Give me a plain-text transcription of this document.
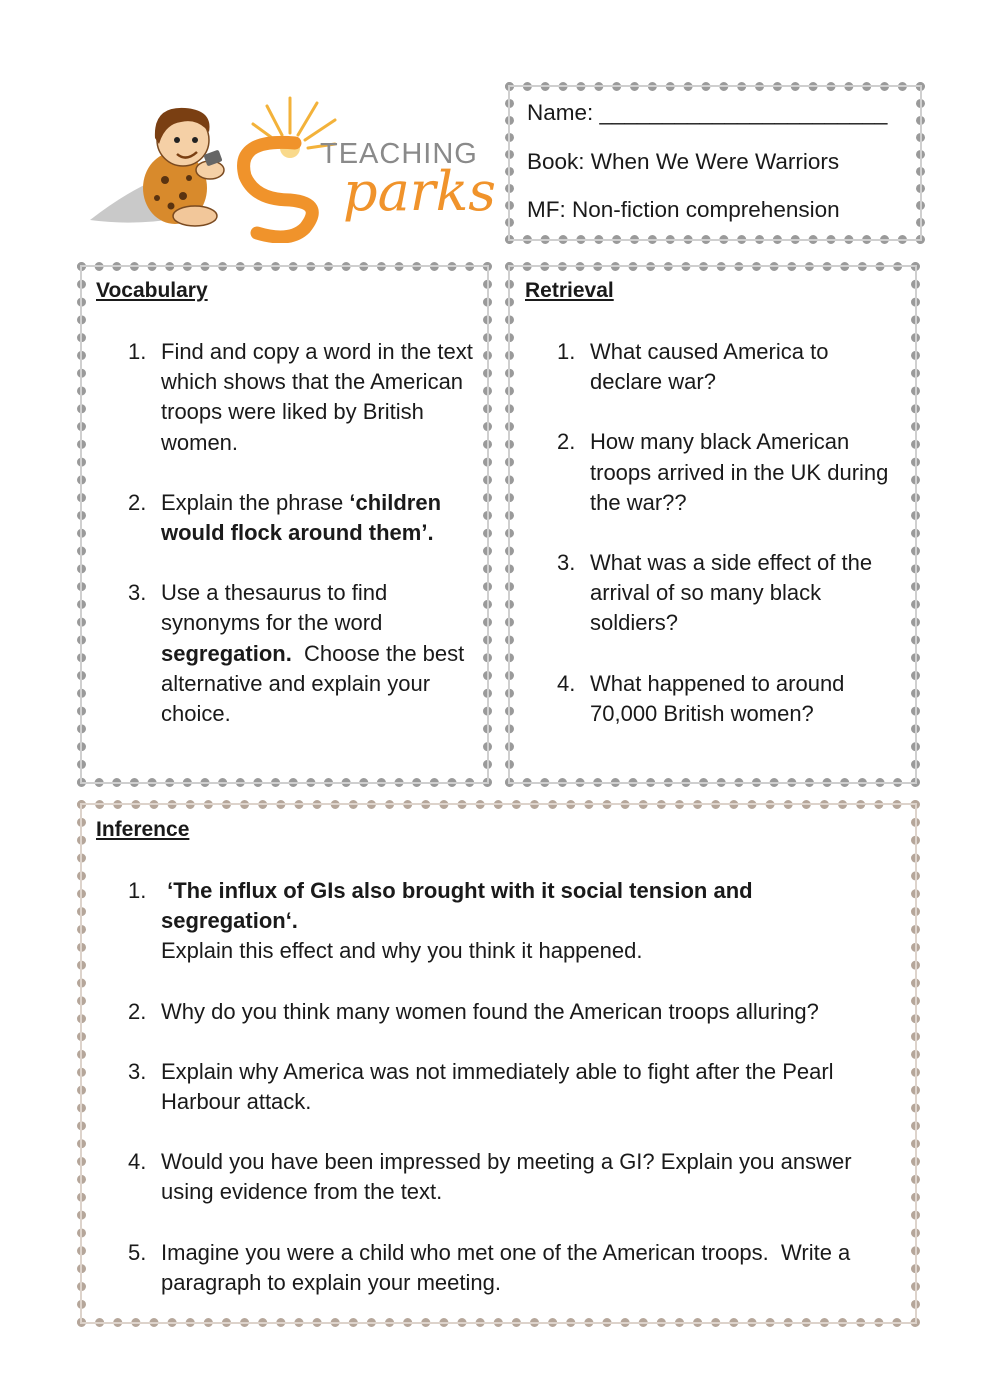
TEACHING
parks
Name: _______________________
Book: When We Were Warriors
MF: Non-fiction comprehension
Vocabulary
1. Find and copy a word in the text which shows that the American troops were liked by British women.
2. Explain the phrase ‘children would flock around them’.
3. Use a thesaurus to find synonyms for the word segregation.  Choose the best alternative and explain your choice.
Retrieval
1. What caused America to declare war?
2. How many black American troops arrived in the UK during the war??
3. What was a side effect of the arrival of so many black soldiers?
4. What happened to around 70,000 British women?
Inference
1. ‘The influx of GIs also brought with it social tension and segregation‘.
Explain this effect and why you think it happened.
2. Why do you think many women found the American troops alluring?
3. Explain why America was not immediately able to fight after the Pearl Harbour attack.
4. Would you have been impressed by meeting a GI? Explain you answer using evidence from the text.
5. Imagine you were a child who met one of the American troops.  Write a paragraph to explain your meeting.
